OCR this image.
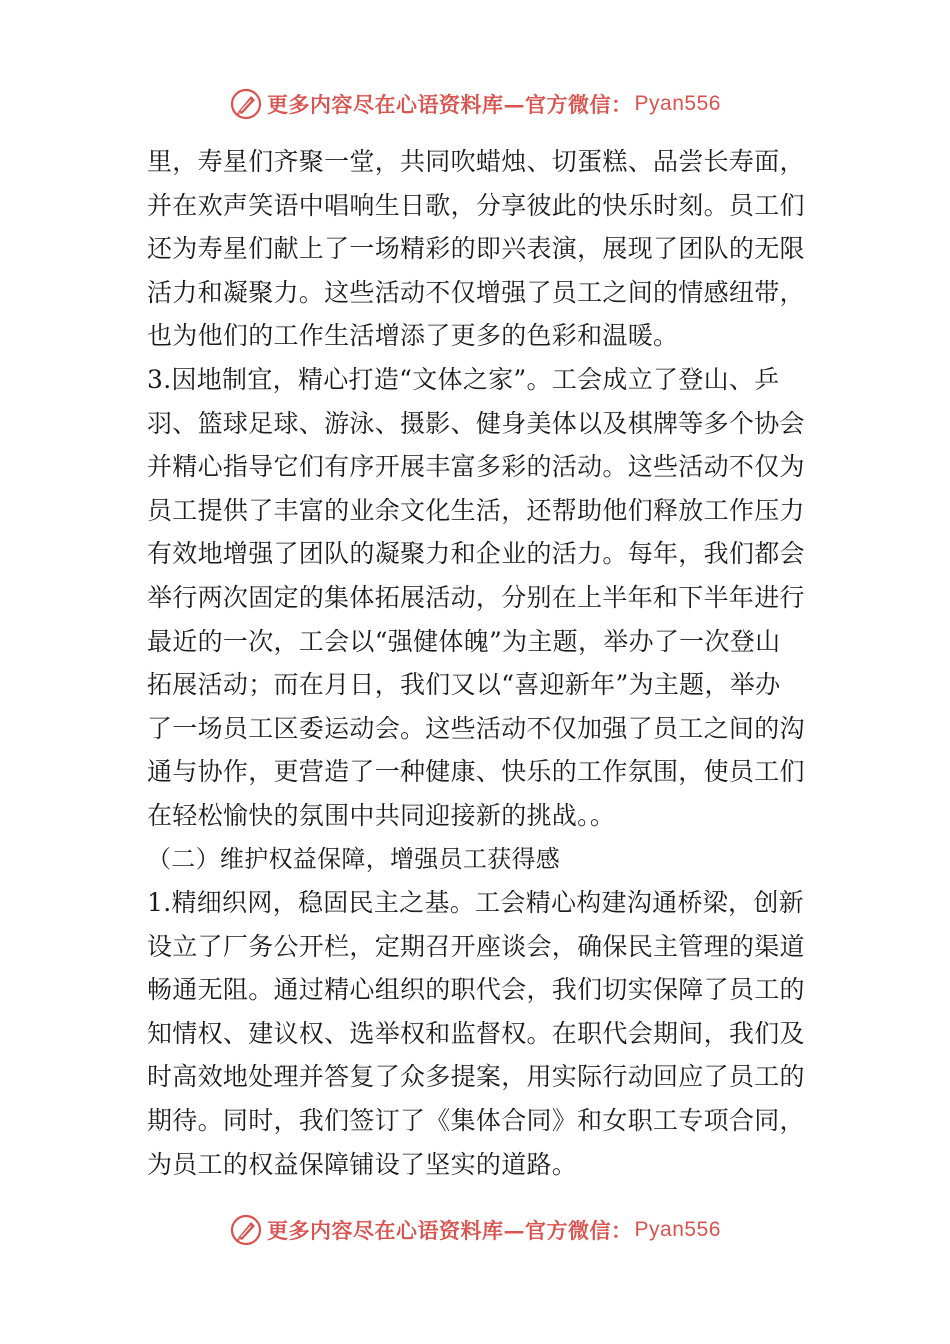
更多内容尽在心语资料库 — 官方微信： Pyan556
里，寿星们齐聚一堂，共同吹蜡烛、切蛋糕、品尝长寿面，
并在欢声笑语中唱响生日歌，分享彼此的快乐时刻。员工们
还为寿星们献上了一场精彩的即兴表演，展现了团队的无限
活力和凝聚力。这些活动不仅增强了员工之间的情感纽带，
也为他们的工作生活增添了更多的色彩和温暖。
3.因地制宜，精心打造“文体之家”。工会成立了登山、乒
羽、篮球足球、游泳、摄影、健身美体以及棋牌等多个协会
并精心指导它们有序开展丰富多彩的活动。这些活动不仅为
员工提供了丰富的业余文化生活，还帮助他们释放工作压力
有效地增强了团队的凝聚力和企业的活力。每年，我们都会
举行两次固定的集体拓展活动，分别在上半年和下半年进行
最近的一次，工会以“强健体魄”为主题，举办了一次登山
拓展活动；而在月日，我们又以“喜迎新年”为主题，举办
了一场员工区委运动会。这些活动不仅加强了员工之间的沟
通与协作，更营造了一种健康、快乐的工作氛围，使员工们
在轻松愉快的氛围中共同迎接新的挑战。。
（二）维护权益保障，增强员工获得感
1.精细织网，稳固民主之基。工会精心构建沟通桥梁，创新
设立了厂务公开栏，定期召开座谈会，确保民主管理的渠道
畅通无阻。通过精心组织的职代会，我们切实保障了员工的
知情权、建议权、选举权和监督权。在职代会期间，我们及
时高效地处理并答复了众多提案，用实际行动回应了员工的
期待。同时，我们签订了《集体合同》和女职工专项合同，
为员工的权益保障铺设了坚实的道路。
更多内容尽在心语资料库 — 官方微信： Pyan556
